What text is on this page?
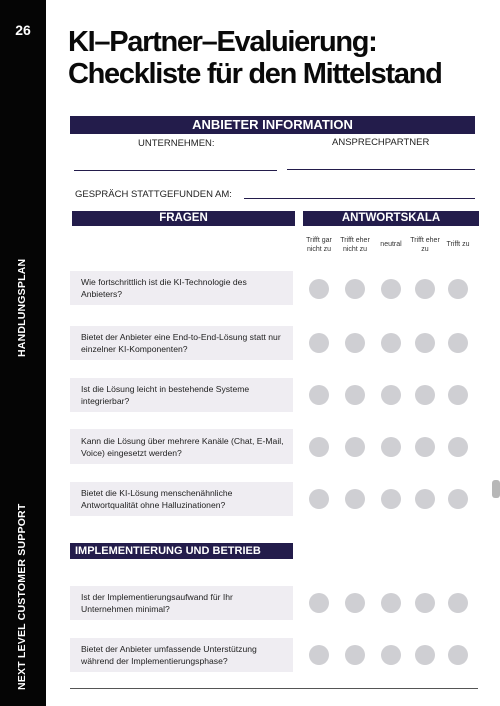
26
HANDLUNGSPLAN
NEXT LEVEL CUSTOMER SUPPORT
KI–Partner–Evaluierung:
Checkliste für den Mittelstand
ANBIETER INFORMATION
UNTERNEHMEN:	ANSPRECHPARTNER
GESPRÄCH STATTGEFUNDEN AM:
FRAGEN	ANTWORTSKALA
Trifft gar nicht zu
Trifft eher nicht zu
neutral
Trifft eher zu
Trifft zu
Wie fortschrittlich ist die KI-Technologie des Anbieters?
Bietet der Anbieter eine End-to-End-Lösung statt nur einzelner KI-Komponenten?
Ist die Lösung leicht in bestehende Systeme integrierbar?
Kann die Lösung über mehrere Kanäle (Chat, E-Mail, Voice) eingesetzt werden?
Bietet die KI-Lösung menschenähnliche Antwortqualität ohne Halluzinationen?
IMPLEMENTIERUNG UND BETRIEB
Ist der Implementierungsaufwand für Ihr Unternehmen minimal?
Bietet der Anbieter umfassende Unterstützung während der Implementierungsphase?
